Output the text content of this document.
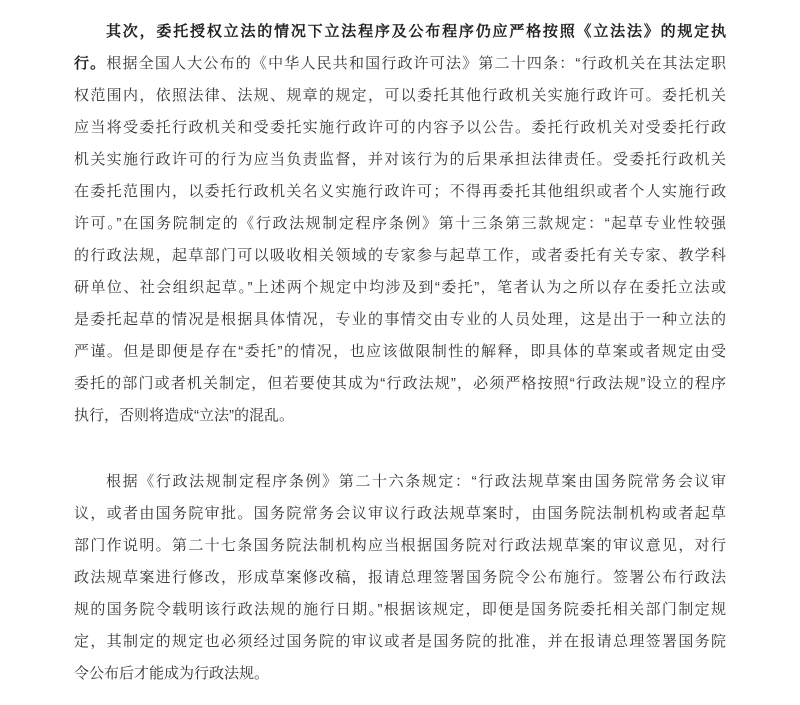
其次，委托授权立法的情况下立法程序及公布程序仍应严格按照《立法法》的规定执
行。根据全国人大公布的《中华人民共和国行政许可法》第二十四条：“行政机关在其法定职
权范围内，依照法律、法规、规章的规定，可以委托其他行政机关实施行政许可。委托机关
应当将受委托行政机关和受委托实施行政许可的内容予以公告。委托行政机关对受委托行政
机关实施行政许可的行为应当负责监督，并对该行为的后果承担法律责任。受委托行政机关
在委托范围内，以委托行政机关名义实施行政许可；不得再委托其他组织或者个人实施行政
许可。”在国务院制定的《行政法规制定程序条例》第十三条第三款规定：“起草专业性较强
的行政法规，起草部门可以吸收相关领域的专家参与起草工作，或者委托有关专家、教学科
研单位、社会组织起草。”上述两个规定中均涉及到“委托”，笔者认为之所以存在委托立法或
是委托起草的情况是根据具体情况，专业的事情交由专业的人员处理，这是出于一种立法的
严谨。但是即便是存在“委托”的情况，也应该做限制性的解释，即具体的草案或者规定由受
委托的部门或者机关制定，但若要使其成为“行政法规”，必须严格按照“行政法规”设立的程序
执行，否则将造成“立法”的混乱。
根据《行政法规制定程序条例》第二十六条规定：“行政法规草案由国务院常务会议审
议，或者由国务院审批。国务院常务会议审议行政法规草案时，由国务院法制机构或者起草
部门作说明。第二十七条国务院法制机构应当根据国务院对行政法规草案的审议意见，对行
政法规草案进行修改，形成草案修改稿，报请总理签署国务院令公布施行。签署公布行政法
规的国务院令载明该行政法规的施行日期。”根据该规定，即便是国务院委托相关部门制定规
定，其制定的规定也必须经过国务院的审议或者是国务院的批准，并在报请总理签署国务院
令公布后才能成为行政法规。
